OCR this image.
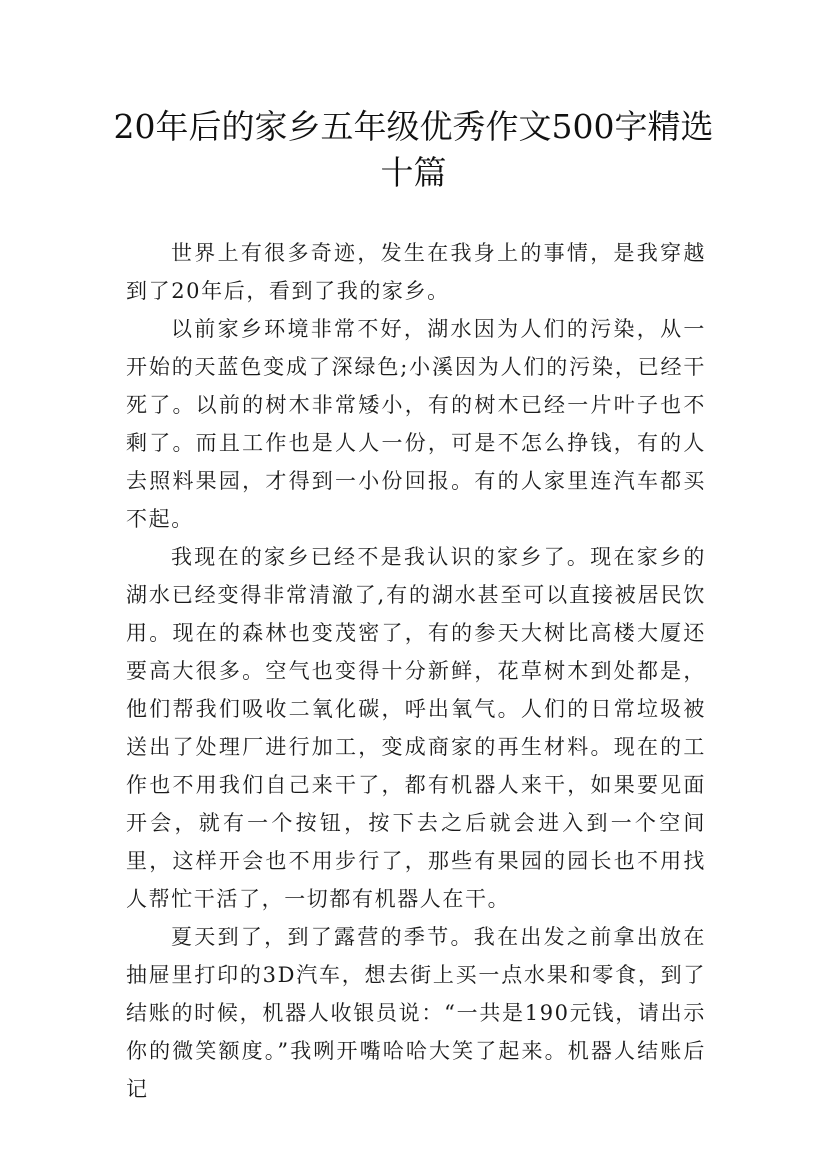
20年后的家乡五年级优秀作文500字精选十篇

世界上有很多奇迹，发生在我身上的事情，是我穿越到了20年后，看到了我的家乡。

以前家乡环境非常不好，湖水因为人们的污染，从一开始的天蓝色变成了深绿色;小溪因为人们的污染，已经干死了。以前的树木非常矮小，有的树木已经一片叶子也不剩了。而且工作也是人人一份，可是不怎么挣钱，有的人去照料果园，才得到一小份回报。有的人家里连汽车都买不起。

我现在的家乡已经不是我认识的家乡了。现在家乡的湖水已经变得非常清澈了,有的湖水甚至可以直接被居民饮用。现在的森林也变茂密了，有的参天大树比高楼大厦还要高大很多。空气也变得十分新鲜，花草树木到处都是，他们帮我们吸收二氧化碳，呼出氧气。人们的日常垃圾被送出了处理厂进行加工，变成商家的再生材料。现在的工作也不用我们自己来干了，都有机器人来干，如果要见面开会，就有一个按钮，按下去之后就会进入到一个空间里，这样开会也不用步行了，那些有果园的园长也不用找人帮忙干活了，一切都有机器人在干。

夏天到了，到了露营的季节。我在出发之前拿出放在抽屉里打印的3D汽车，想去街上买一点水果和零食，到了结账的时候，机器人收银员说：“一共是190元钱，请出示你的微笑额度。”我咧开嘴哈哈大笑了起来。机器人结账后记
